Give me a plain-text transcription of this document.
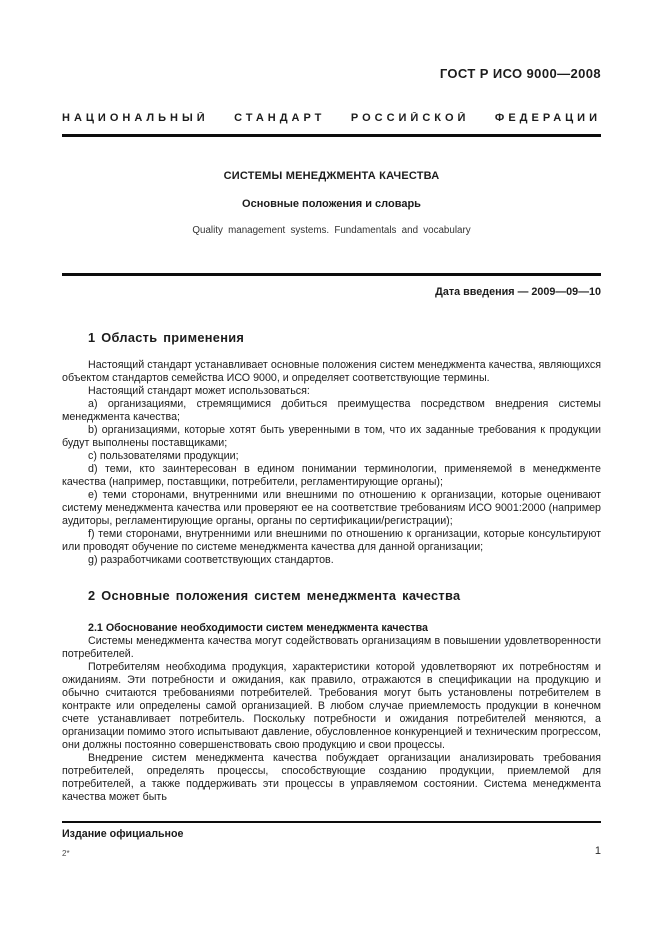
ГОСТ Р ИСО 9000—2008
НАЦИОНАЛЬНЫЙ СТАНДАРТ РОССИЙСКОЙ ФЕДЕРАЦИИ
СИСТЕМЫ МЕНЕДЖМЕНТА КАЧЕСТВА
Основные положения и словарь
Quality management systems. Fundamentals and vocabulary
Дата введения — 2009—09—10
1 Область применения

Настоящий стандарт устанавливает основные положения систем менеджмента качества, являющихся объектом стандартов семейства ИСО 9000, и определяет соответствующие термины.

Настоящий стандарт может использоваться:

a) организациями, стремящимися добиться преимущества посредством внедрения системы менеджмента качества;

b) организациями, которые хотят быть уверенными в том, что их заданные требования к продукции будут выполнены поставщиками;

c) пользователями продукции;

d) теми, кто заинтересован в едином понимании терминологии, применяемой в менеджменте качества (например, поставщики, потребители, регламентирующие органы);

e) теми сторонами, внутренними или внешними по отношению к организации, которые оценивают систему менеджмента качества или проверяют ее на соответствие требованиям ИСО 9001:2000 (например аудиторы, регламентирующие органы, органы по сертификации/регистрации);

f) теми сторонами, внутренними или внешними по отношению к организации, которые консультируют или проводят обучение по системе менеджмента качества для данной организации;

g) разработчиками соответствующих стандартов.

2 Основные положения систем менеджмента качества

2.1 Обоснование необходимости систем менеджмента качества

Системы менеджмента качества могут содействовать организациям в повышении удовлетворенности потребителей.

Потребителям необходима продукция, характеристики которой удовлетворяют их потребностям и ожиданиям. Эти потребности и ожидания, как правило, отражаются в спецификации на продукцию и обычно считаются требованиями потребителей. Требования могут быть установлены потребителем в контракте или определены самой организацией. В любом случае приемлемость продукции в конечном счете устанавливает потребитель. Поскольку потребности и ожидания потребителей меняются, а организации помимо этого испытывают давление, обусловленное конкуренцией и техническим прогрессом, они должны постоянно совершенствовать свою продукцию и свои процессы.

Внедрение систем менеджмента качества побуждает организации анализировать требования потребителей, определять процессы, способствующие созданию продукции, приемлемой для потребителей, а также поддерживать эти процессы в управляемом состоянии. Система менеджмента качества может быть

Издание официальное
2*	1
